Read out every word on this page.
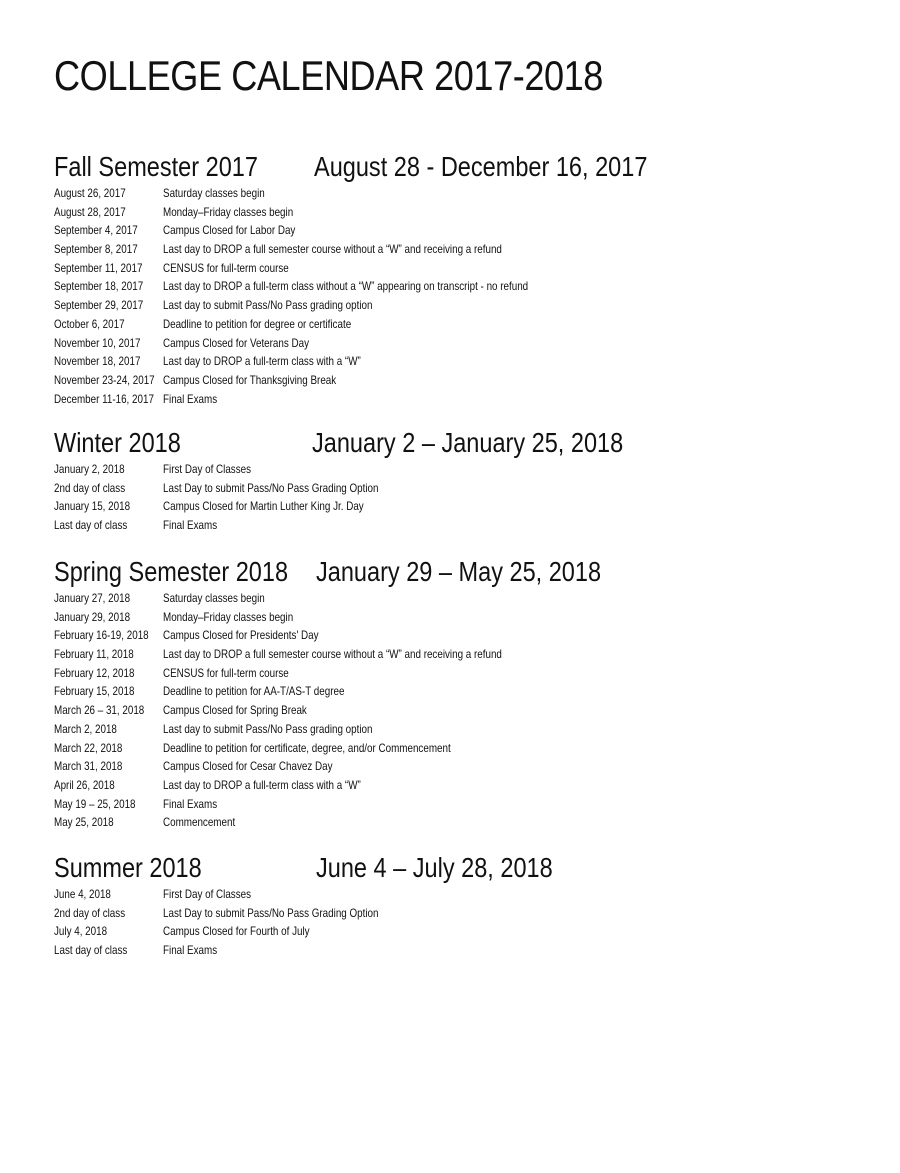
COLLEGE CALENDAR 2017-2018
Fall Semester 2017 August 28 - December 16, 2017
August 26, 2017	Saturday classes begin
August 28, 2017	Monday–Friday classes begin
September 4, 2017 Campus Closed for Labor Day
September 8, 2017 Last day to DROP a full semester course without a “W” and receiving a refund
September 11, 2017 CENSUS for full-term course
September 18, 2017 Last day to DROP a full-term class without a “W” appearing on transcript - no refund
September 29, 2017 Last day to submit Pass/No Pass grading option
October 6, 2017	Deadline to petition for degree or certificate
November 10, 2017 Campus Closed for Veterans Day
November 18, 2017 Last day to DROP a full-term class with a “W”
November 23-24, 2017 Campus Closed for Thanksgiving Break
December 11-16, 2017 Final Exams
Winter 2018	January 2 – January 25, 2018
January 2, 2018	First Day of Classes
2nd day of class	Last Day to submit Pass/No Pass Grading Option
January 15, 2018	Campus Closed for Martin Luther King Jr. Day
Last day of class	Final Exams
Spring Semester 2018 January 29 – May 25, 2018
January 27, 2018	Saturday classes begin
January 29, 2018	Monday–Friday classes begin
February 16-19, 2018 Campus Closed for Presidents' Day
February 11, 2018 Last day to DROP a full semester course without a “W” and receiving a refund
February 12, 2018 CENSUS for full-term course
February 15, 2018 Deadline to petition for AA-T/AS-T degree
March 26 – 31, 2018 Campus Closed for Spring Break
March 2, 2018	Last day to submit Pass/No Pass grading option
March 22, 2018	Deadline to petition for certificate, degree, and/or Commencement
March 31, 2018	Campus Closed for Cesar Chavez Day
April 26, 2018	Last day to DROP a full-term class with a “W”
May 19 – 25, 2018 Final Exams
May 25, 2018	Commencement
Summer 2018	June 4 – July 28, 2018
June 4, 2018	First Day of Classes
2nd day of class	Last Day to submit Pass/No Pass Grading Option
July 4, 2018	Campus Closed for Fourth of July
Last day of class	Final Exams
